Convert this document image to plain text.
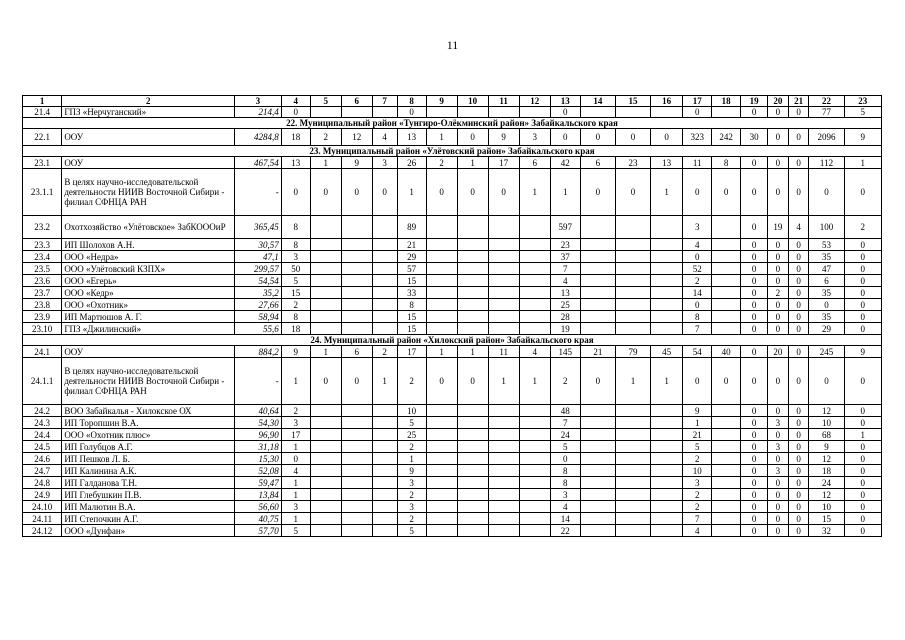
11
1	2	3	4	5	6	7	8	9	10	11	12	13	14	15	16	17	18	19	20	21	22	23
21.4	ГПЗ «Нерчуганский»	214,4	0				0					0				0		0	0	0	77	5
22. Муниципальный район «Тунгиро-Олёкминский район» Забайкальского края																						
22.1	ООУ	4284,8	18	2	12	4	13	1	0	9	3	0	0	0	0	323	242	30	0	0	2096	9
23. Муниципальный район «Улётовский район» Забайкальского края																						
23.1	ООУ	467,54	13	1	9	3	26	2	1	17	6	42	6	23	13	11	8	0	0	0	112	1
23.1.1	В целях научно-исследовательской деятельности НИИВ Восточной Сибири - филиал СФНЦА РАН	-	0	0	0	0	1	0	0	0	1	1	0	0	1	0	0	0	0	0	0	0
23.2	Охотхозяйство «Улётовское» ЗабКОООиР	365,45	8				89					597				3		0	19	4	100	2
23.3	ИП Шолохов А.Н.	30,57	8				21					23				4		0	0	0	53	0
23.4	ООО «Недра»	47,1	3				29					37				0		0	0	0	35	0
23.5	ООО «Улётовский КЗПХ»	299,57	50				57					7				52		0	0	0	47	0
23.6	ООО «Егерь»	54,54	5				15					4				2		0	0	0	6	0
23.7	ООО «Кедр»	35,2	15				33					13				14		0	2	0	35	0
23.8	ООО «Охотник»	27,66	2				8					25				0		0	0	0	0	0
23.9	ИП Мартюшов А. Г.	58,94	8				15					28				8		0	0	0	35	0
23.10	ГПЗ «Джилинский»	55,6	18				15					19				7		0	0	0	29	0
24. Муниципальный район «Хилокский район» Забайкальского края																						
24.1	ООУ	884,2	9	1	6	2	17	1	1	11	4	145	21	79	45	54	40	0	20	0	245	9
24.1.1	В целях научно-исследовательской деятельности НИИВ Восточной Сибири - филиал СФНЦА РАН	-	1	0	0	1	2	0	0	1	1	2	0	1	1	0	0	0	0	0	0	0
24.2	ВОО Забайкалья - Хилокское ОХ	40,64	2				10					48				9		0	0	0	12	0
24.3	ИП Торопшин В.А.	54,30	3				5					7				1		0	3	0	10	0
24.4	ООО «Охотник плюс»	96,90	17				25					24				21		0	0	0	68	1
24.5	ИП Голубцов А.Г.	31,18	1				2					5				5		0	3	0	9	0
24.6	ИП Пешков Л. Б.	15,30	0				1					0				2		0	0	0	12	0
24.7	ИП Калинина А.К.	52,08	4				9					8				10		0	3	0	18	0
24.8	ИП Галданова Т.Н.	59,47	1				3					8				3		0	0	0	24	0
24.9	ИП Глебушкин П.В.	13,84	1				2					3				2		0	0	0	12	0
24.10	ИП Малютин В.А.	56,60	3				3					4				2		0	0	0	10	0
24.11	ИП Степочкин А.Г.	40,75	1				2					14				7		0	0	0	15	0
24.12	ООО «Дунфан»	57,70	5				5					22				4		0	0	0	32	0
